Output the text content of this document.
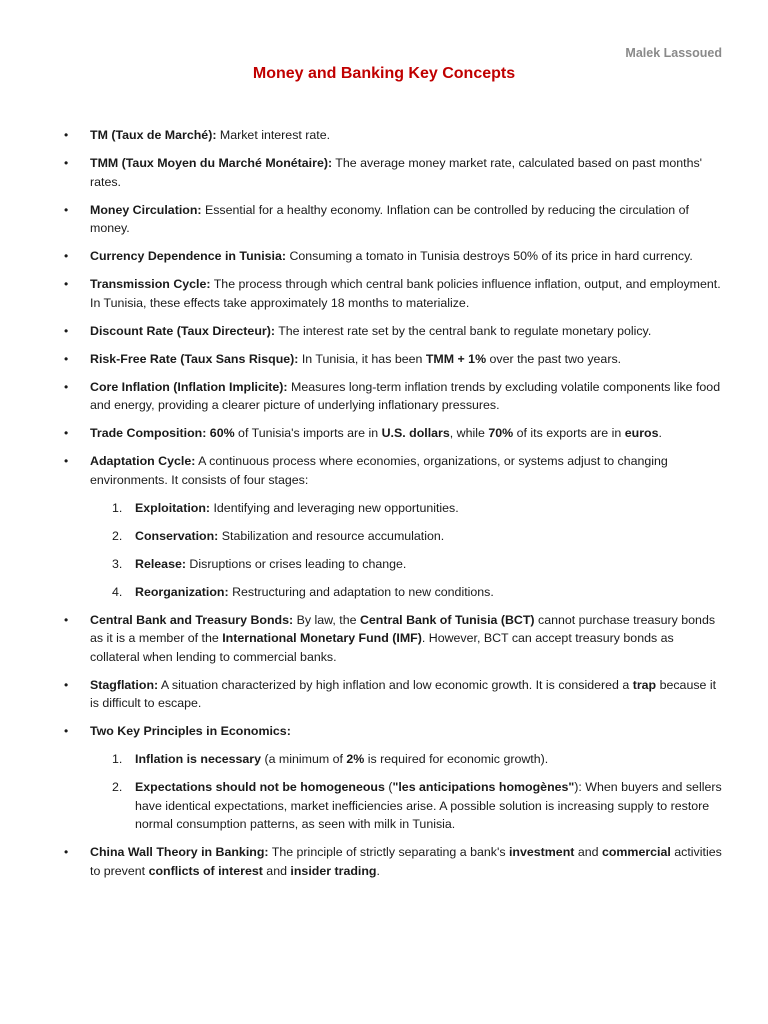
Malek Lassoued
Money and Banking Key Concepts
•	TM (Taux de Marché): Market interest rate.
•	TMM (Taux Moyen du Marché Monétaire): The average money market rate, calculated based on past months' rates.
•	Money Circulation: Essential for a healthy economy. Inflation can be controlled by reducing the circulation of money.
•	Currency Dependence in Tunisia: Consuming a tomato in Tunisia destroys 50% of its price in hard currency.
•	Transmission Cycle: The process through which central bank policies influence inflation, output, and employment. In Tunisia, these effects take approximately 18 months to materialize.
•	Discount Rate (Taux Directeur): The interest rate set by the central bank to regulate monetary policy.
•	Risk-Free Rate (Taux Sans Risque): In Tunisia, it has been TMM + 1% over the past two years.
•	Core Inflation (Inflation Implicite): Measures long-term inflation trends by excluding volatile components like food and energy, providing a clearer picture of underlying inflationary pressures.
•	Trade Composition: 60% of Tunisia's imports are in U.S. dollars, while 70% of its exports are in euros.
•	Adaptation Cycle: A continuous process where economies, organizations, or systems adjust to changing environments. It consists of four stages:
1. Exploitation: Identifying and leveraging new opportunities.
2. Conservation: Stabilization and resource accumulation.
3. Release: Disruptions or crises leading to change.
4. Reorganization: Restructuring and adaptation to new conditions.
•	Central Bank and Treasury Bonds: By law, the Central Bank of Tunisia (BCT) cannot purchase treasury bonds as it is a member of the International Monetary Fund (IMF). However, BCT can accept treasury bonds as collateral when lending to commercial banks.
•	Stagflation: A situation characterized by high inflation and low economic growth. It is considered a trap because it is difficult to escape.
•	Two Key Principles in Economics:
1. Inflation is necessary (a minimum of 2% is required for economic growth).
2. Expectations should not be homogeneous ("les anticipations homogènes"): When buyers and sellers have identical expectations, market inefficiencies arise. A possible solution is increasing supply to restore normal consumption patterns, as seen with milk in Tunisia.
•	China Wall Theory in Banking: The principle of strictly separating a bank's investment and commercial activities to prevent conflicts of interest and insider trading.
